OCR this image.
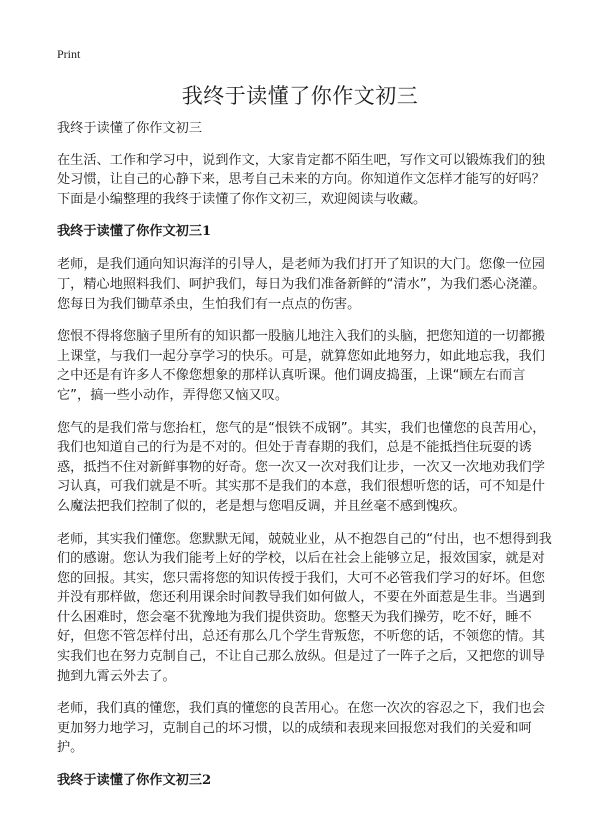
Print
我终于读懂了你作文初三

我终于读懂了你作文初三

在生活、工作和学习中，说到作文，大家肯定都不陌生吧，写作文可以锻炼我们的独处习惯，让自己的心静下来，思考自己未来的方向。你知道作文怎样才能写的好吗？下面是小编整理的我终于读懂了你作文初三，欢迎阅读与收藏。

我终于读懂了你作文初三1

老师，是我们通向知识海洋的引导人，是老师为我们打开了知识的大门。您像一位园丁，精心地照料我们、呵护我们，每日为我们准备新鲜的“清水”，为我们悉心浇灌。您每日为我们锄草杀虫，生怕我们有一点点的伤害。

您恨不得将您脑子里所有的知识都一股脑儿地注入我们的头脑，把您知道的一切都搬上课堂，与我们一起分享学习的快乐。可是，就算您如此地努力，如此地忘我，我们之中还是有许多人不像您想象的那样认真听课。他们调皮捣蛋，上课“顾左右而言它”，搞一些小动作，弄得您又恼又叹。

您气的是我们常与您抬杠，您气的是“恨铁不成钢”。其实，我们也懂您的良苦用心，我们也知道自己的行为是不对的。但处于青春期的我们，总是不能抵挡住玩耍的诱惑，抵挡不住对新鲜事物的好奇。您一次又一次对我们让步，一次又一次地劝我们学习认真，可我们就是不听。其实那不是我们的本意，我们很想听您的话，可不知是什么魔法把我们控制了似的，老是想与您唱反调，并且丝毫不感到愧疚。

老师，其实我们懂您。您默默无闻，兢兢业业，从不抱怨自己的“付出，也不想得到我们的感谢。您认为我们能考上好的学校，以后在社会上能够立足，报效国家，就是对您的回报。其实，您只需将您的知识传授于我们，大可不必管我们学习的好坏。但您并没有那样做，您还利用课余时间教导我们如何做人，不要在外面惹是生非。当遇到什么困难时，您会毫不犹豫地为我们提供资助。您整天为我们操劳，吃不好，睡不好，但您不管怎样付出，总还有那么几个学生背叛您，不听您的话，不领您的情。其实我们也在努力克制自己，不让自己那么放纵。但是过了一阵子之后，又把您的训导抛到九霄云外去了。

老师，我们真的懂您，我们真的懂您的良苦用心。在您一次次的容忍之下，我们也会更加努力地学习，克制自己的坏习惯，以的成绩和表现来回报您对我们的关爱和呵护。

我终于读懂了你作文初三2
